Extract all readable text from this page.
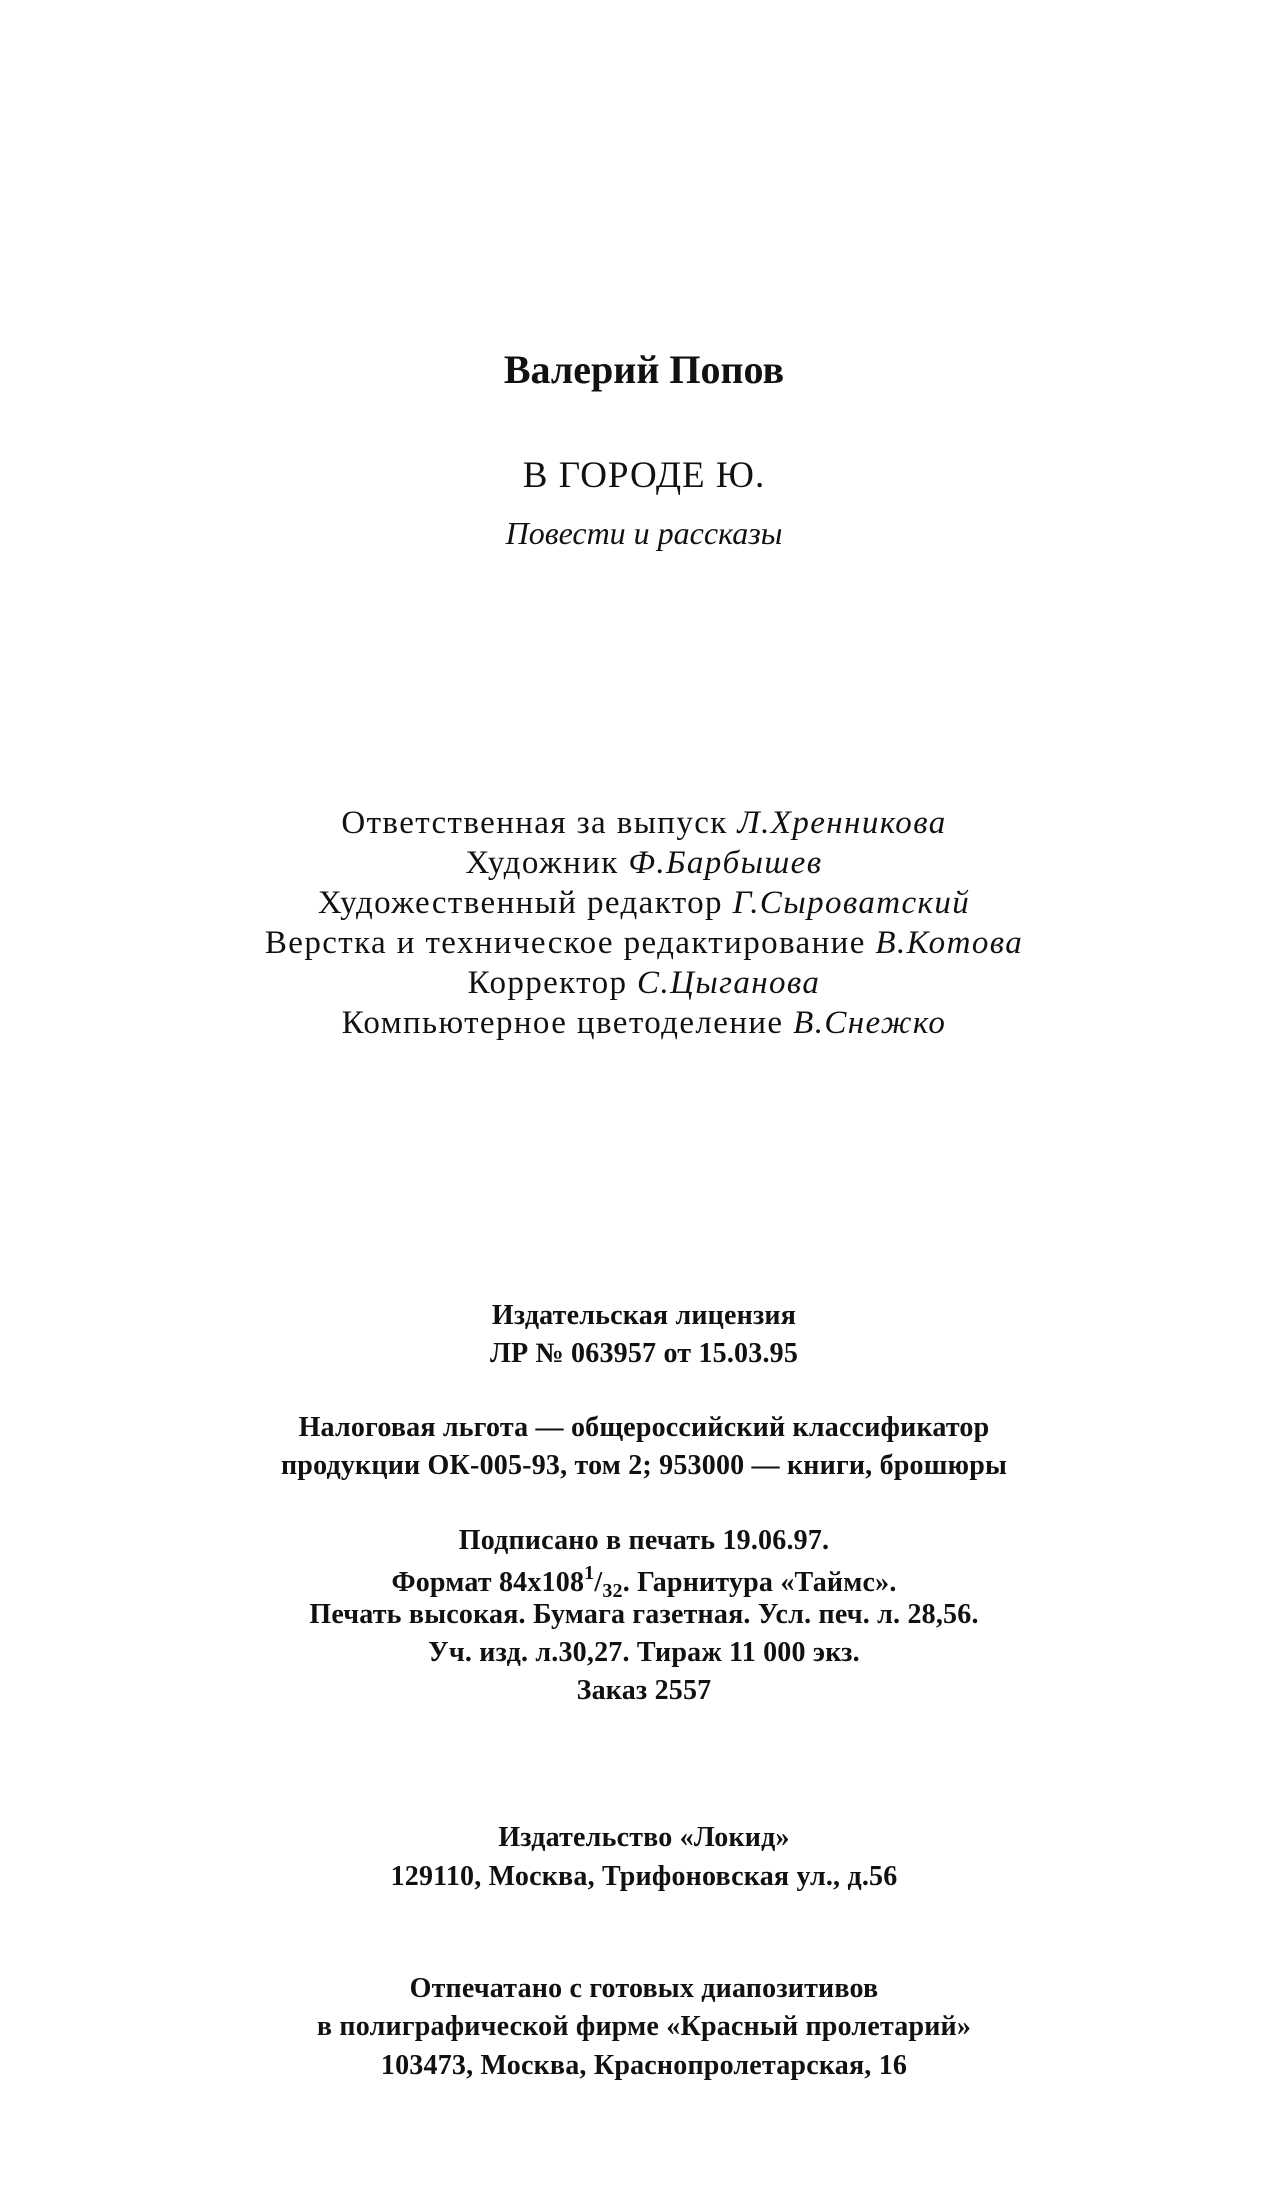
Валерий Попов
В ГОРОДЕ Ю.
Повести и рассказы
Ответственная за выпуск Л.Хренникова
Художник Ф.Барбышев
Художественный редактор Г.Сыроватский
Верстка и техническое редактирование В.Котова
Корректор С.Цыганова
Компьютерное цветоделение В.Снежко
Издательская лицензия
ЛР № 063957 от 15.03.95
Налоговая льгота — общероссийский классификатор
продукции ОК-005-93, том 2; 953000 — книги, брошюры
Подписано в печать 19.06.97.
Формат $84х108^1/_{32}$. Гарнитура «Таймс».
Печать высокая. Бумага газетная. Усл. печ. л. 28,56.
Уч. изд. л.30,27. Тираж 11 000 экз.
Заказ 2557
Издательство «Локид»
129110, Москва, Трифоновская ул., д.56
Отпечатано с готовых диапозитивов
в полиграфической фирме «Красный пролетарий»
103473, Москва, Краснопролетарская, 16
